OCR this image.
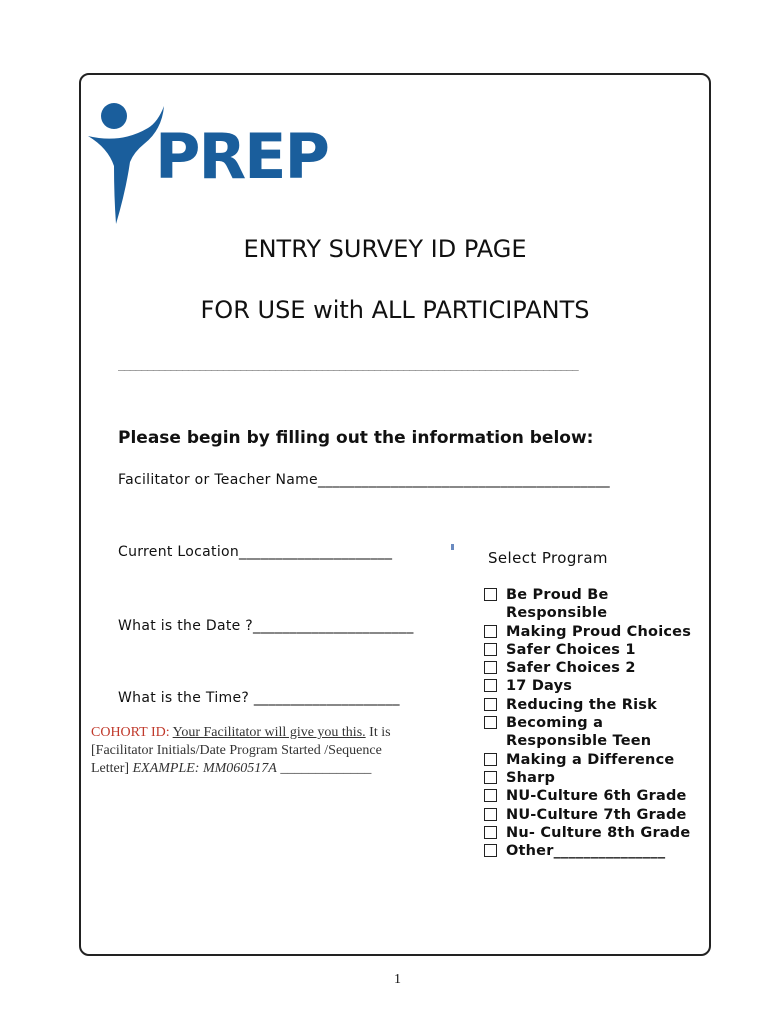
PREP
ENTRY SURVEY ID PAGE
FOR USE with ALL PARTICIPANTS
_______________________________________________________________________________
Please begin by filling out the information below:
Facilitator or Teacher Name________________________________________
Current Location_____________________
What is the Date ?______________________
What is the Time? ____________________
COHORT ID: Your Facilitator will give you this. It is [Facilitator Initials/Date Program Started /Sequence Letter] EXAMPLE: MM060517A _____________
Select Program
Be Proud Be Responsible
Making Proud Choices
Safer Choices 1
Safer Choices 2
17 Days
Reducing the Risk
Becoming a Responsible Teen
Making a Difference
Sharp
NU-Culture 6th Grade
NU-Culture 7th Grade
Nu- Culture 8th Grade
Other_______________
1
